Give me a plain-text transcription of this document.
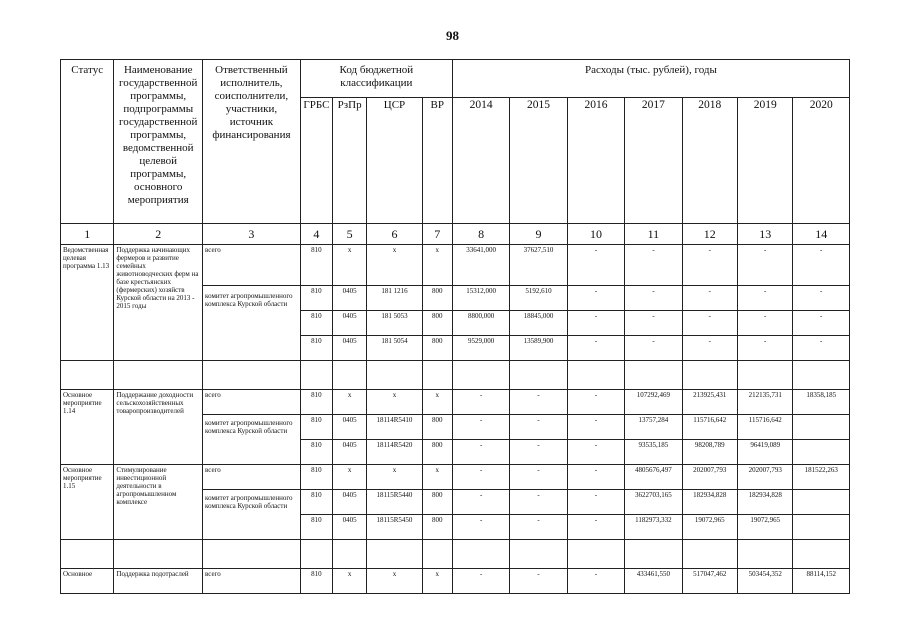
98
Статус	Наименование государственной программы, подпрограммы государственной программы, ведомственной целевой программы, основного мероприятия	Ответственный исполнитель, соисполнители, участники, источник финансирования	Код бюджетной классификации				Расходы (тыс. рублей), годы						
			ГРБС	РзПр	ЦСР	ВР	2014	2015	2016	2017	2018	2019	2020
1	2	3	4	5	6	7	8	9	10	11	12	13	14
Ведомственная целевая программа 1.13	Поддержка начинающих фермеров и развитие семейных животноводческих ферм на базе крестьянских (фермерских) хозяйств Курской области на 2013 - 2015 годы	всего	810	х	х	х	33641,000	37627,510	-	-	-	-	-
		комитет агропромышленного комплекса Курской области	810	0405	181 1216	800	15312,000	5192,610	-	-	-	-	-
			810	0405	181 5053	800	8800,000	18845,000	-	-	-	-	-
			810	0405	181 5054	800	9529,000	13589,900	-	-	-	-	-

Основное мероприятие 1.14	Поддержание доходности сельскохозяйственных товаропроизводителей	всего	810	х	х	х	-	-	-	107292,469	213925,431	212135,731	18358,185
		комитет агропромышленного комплекса Курской области	810	0405	18114R5410	800	-	-	-	13757,284	115716,642	115716,642	
			810	0405	18114R5420	800	-	-	-	93535,185	98208,789	96419,089	
Основное мероприятие 1.15	Стимулирование инвестиционной деятельности в агропромышленном комплексе	всего	810	х	х	х	-	-	-	4805676,497	202007,793	202007,793	181522,263
		комитет агропромышленного комплекса Курской области	810	0405	18115R5440	800	-	-	-	3622703,165	182934,828	182934,828	
			810	0405	18115R5450	800	-	-	-	1182973,332	19072,965	19072,965	

Основное	Поддержка подотраслей	всего	810	х	х	х	-	-	-	433461,550	517047,462	503454,352	88114,152
